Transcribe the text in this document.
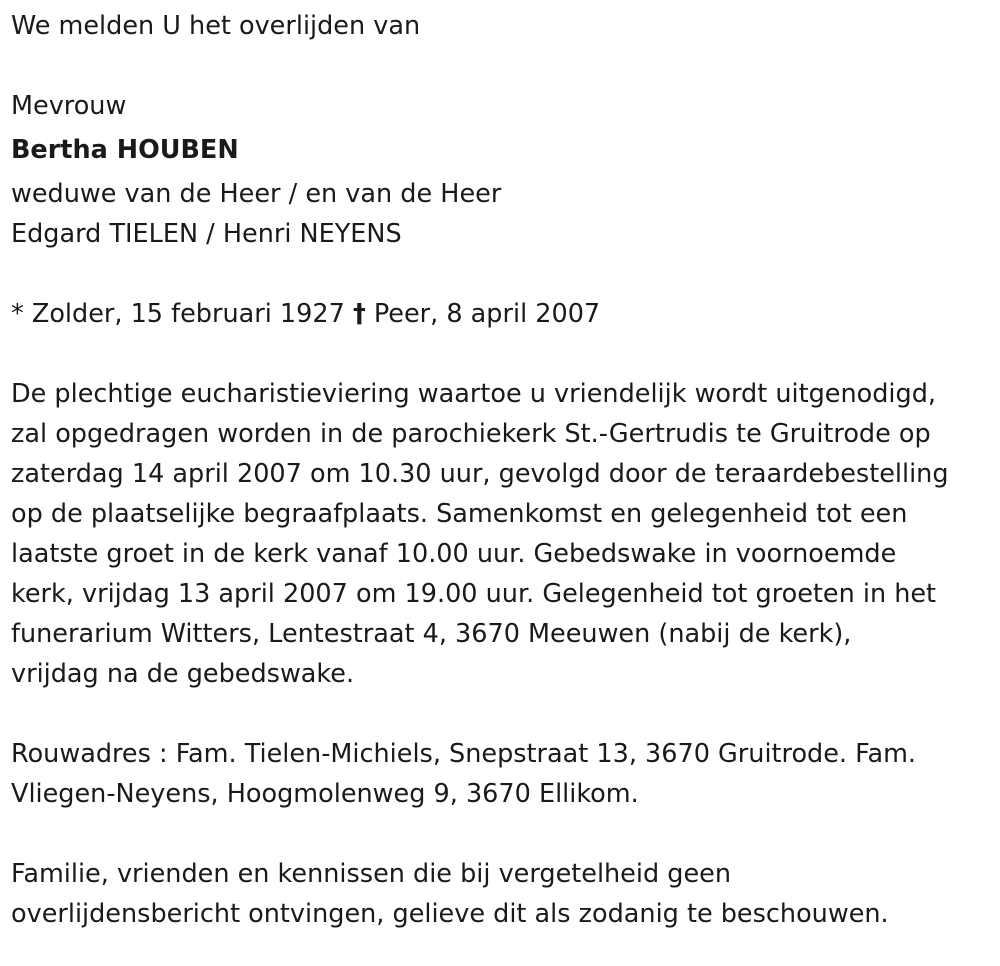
We melden U het overlijden van
Mevrouw
Bertha HOUBEN
weduwe van de Heer / en van de Heer
Edgard TIELEN / Henri NEYENS
* Zolder, 15 februari 1927 † Peer, 8 april 2007
De plechtige eucharistieviering waartoe u vriendelijk wordt uitgenodigd,
zal opgedragen worden in de parochiekerk St.-Gertrudis te Gruitrode op
zaterdag 14 april 2007 om 10.30 uur, gevolgd door de teraardebestelling
op de plaatselijke begraafplaats. Samenkomst en gelegenheid tot een
laatste groet in de kerk vanaf 10.00 uur. Gebedswake in voornoemde
kerk, vrijdag 13 april 2007 om 19.00 uur. Gelegenheid tot groeten in het
funerarium Witters, Lentestraat 4, 3670 Meeuwen (nabij de kerk),
vrijdag na de gebedswake.
Rouwadres : Fam. Tielen-Michiels, Snepstraat 13, 3670 Gruitrode. Fam.
Vliegen-Neyens, Hoogmolenweg 9, 3670 Ellikom.
Familie, vrienden en kennissen die bij vergetelheid geen
overlijdensbericht ontvingen, gelieve dit als zodanig te beschouwen.
